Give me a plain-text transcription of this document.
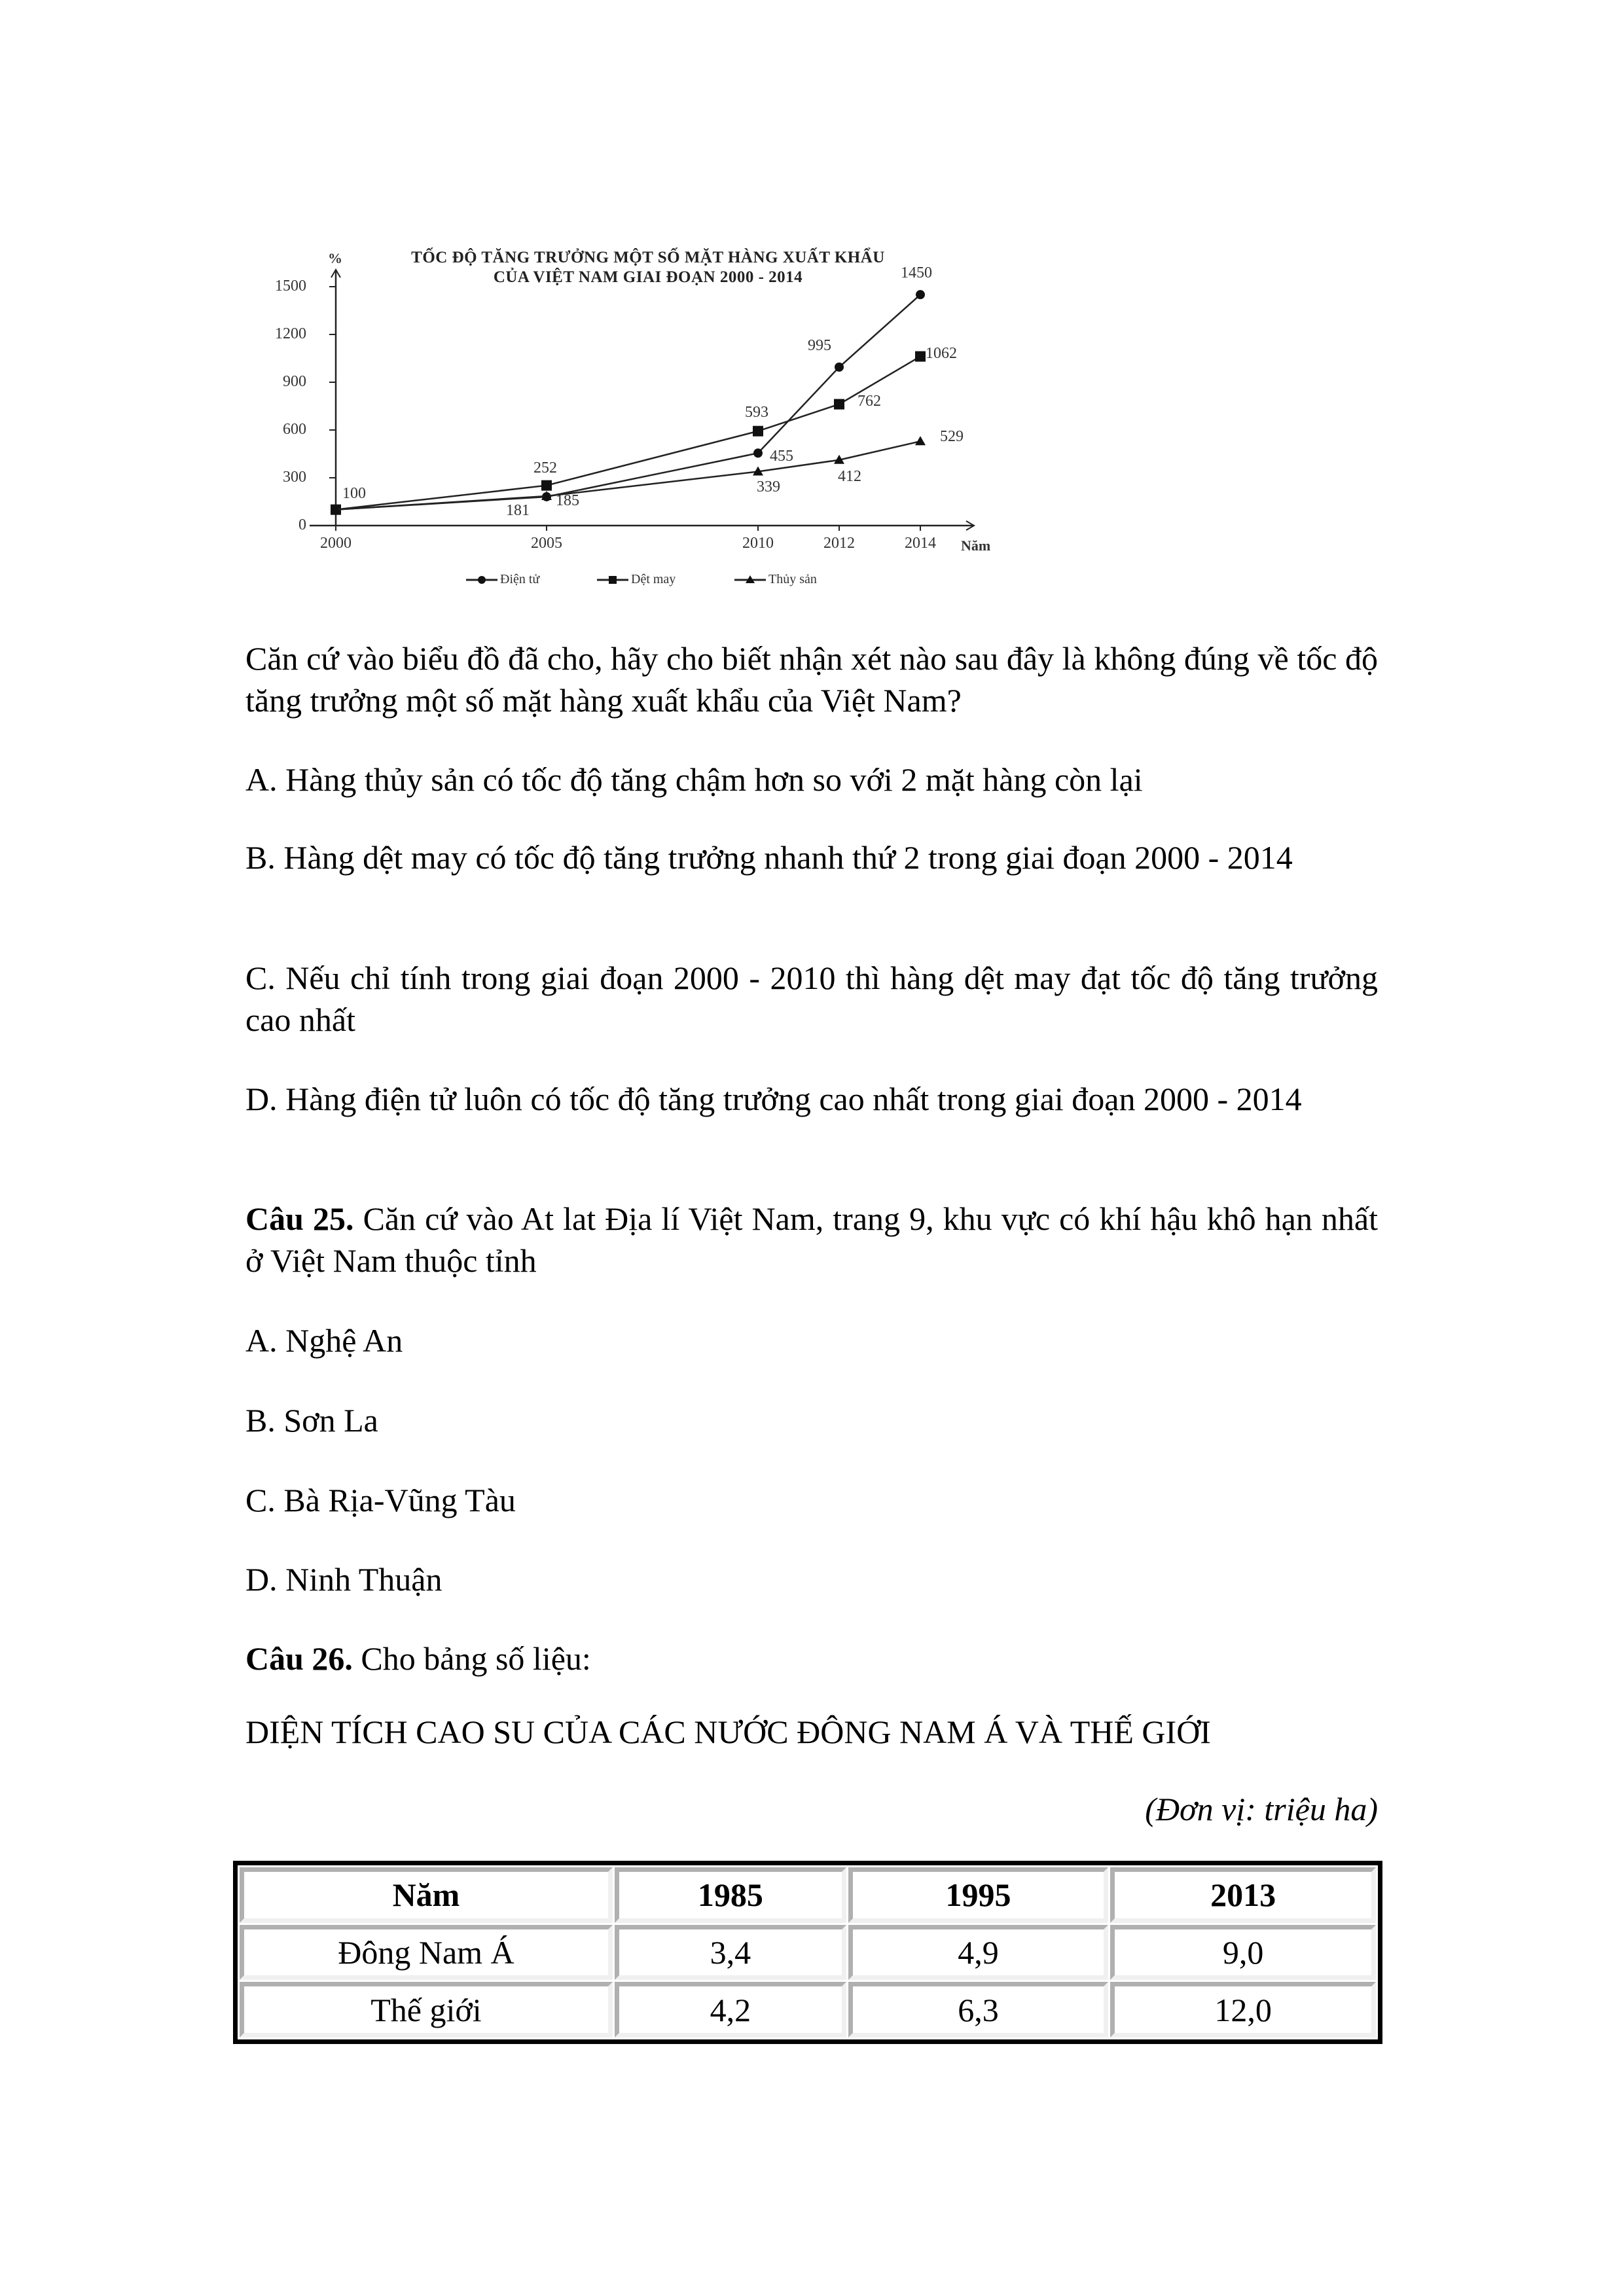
TỐC ĐỘ TĂNG TRƯỞNG MỘT SỐ MẶT HÀNG XUẤT KHẨU
CỦA VIỆT NAM GIAI ĐOẠN 2000 - 2014
0
300
600
900
1200
1500
2000	2005	2010	2012	2014
%
Năm
100
181
455
995
1450
252
593
762
1062
185
339
412
529
Điện tử	Dệt may	Thủy sản
Căn cứ vào biểu đồ đã cho, hãy cho biết nhận xét nào sau đây là không đúng về tốc độ tăng trưởng một số mặt hàng xuất khẩu của Việt Nam?
A. Hàng thủy sản có tốc độ tăng chậm hơn so với 2 mặt hàng còn lại
B. Hàng dệt may có tốc độ tăng trưởng nhanh thứ 2 trong giai đoạn 2000 - 2014
C. Nếu chỉ tính trong giai đoạn 2000 - 2010 thì hàng dệt may đạt tốc độ tăng trưởng cao nhất
D. Hàng điện tử luôn có tốc độ tăng trưởng cao nhất trong giai đoạn 2000 - 2014
Câu 25. Căn cứ vào At lat Địa lí Việt Nam, trang 9, khu vực có khí hậu khô hạn nhất ở Việt Nam thuộc tỉnh
A. Nghệ An
B. Sơn La
C. Bà Rịa-Vũng Tàu
D. Ninh Thuận
Câu 26. Cho bảng số liệu:
DIỆN TÍCH CAO SU CỦA CÁC NƯỚC ĐÔNG NAM Á VÀ THẾ GIỚI
(Đơn vị: triệu ha)
Năm	1985	1995	2013
Đông Nam Á	3,4	4,9	9,0
Thế giới	4,2	6,3	12,0
